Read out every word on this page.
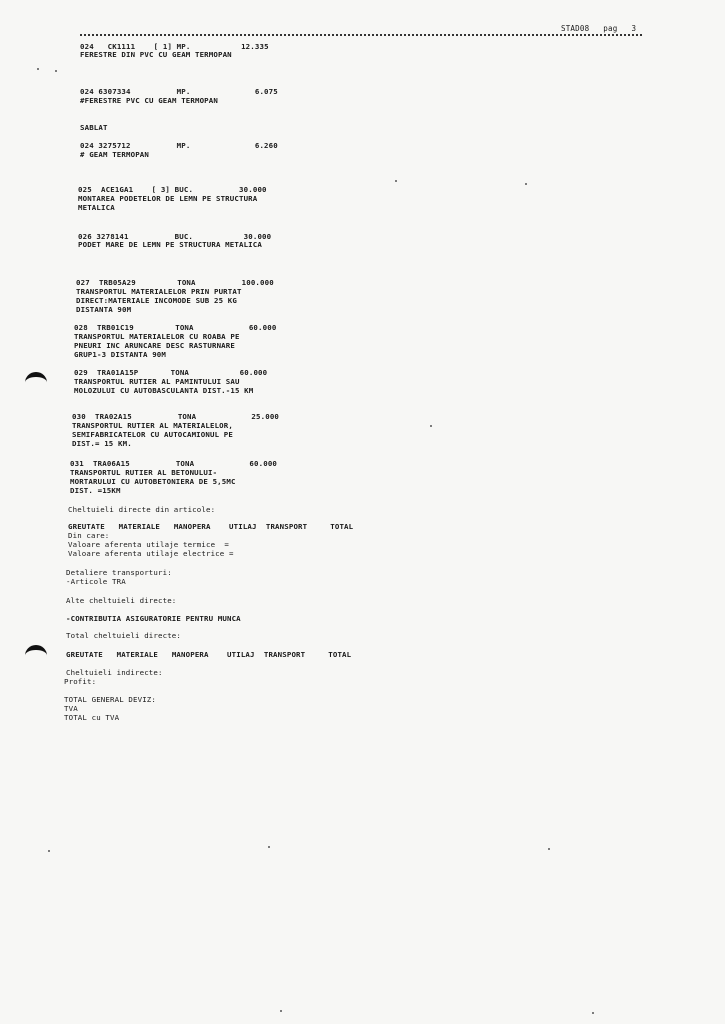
STAD08 pag 3
024 CK1111 [ 1] MP.	12.335
FERESTRE DIN PVC CU GEAM TERMOPAN
024 6307334	MP.	6.075
#FERESTRE PVC CU GEAM TERMOPAN
SABLAT
024 3275712	MP.	6.260
# GEAM TERMOPAN
025 ACE1GA1 [ 3] BUC.	30.000
MONTAREA PODETELOR DE LEMN PE STRUCTURA
METALICA
026 3278141	BUC.	30.000
PODET MARE DE LEMN PE STRUCTURA METALICA
027 TRB05A29	TONA	100.000
TRANSPORTUL MATERIALELOR PRIN PURTAT
DIRECT:MATERIALE INCOMODE SUB 25 KG
DISTANTA 90M
028 TRB01C19	TONA	60.000
TRANSPORTUL MATERIALELOR CU ROABA PE
PNEURI INC ARUNCARE DESC RASTURNARE
GRUP1-3 DISTANTA 90M
029 TRA01A15P	TONA	60.000
TRANSPORTUL RUTIER AL PAMINTULUI SAU
MOLOZULUI CU AUTOBASCULANTA DIST.-15 KM
030 TRA02A15	TONA	25.000
TRANSPORTUL RUTIER AL MATERIALELOR,
SEMIFABRICATELOR CU AUTOCAMIONUL PE
DIST.= 15 KM.
031 TRA06A15	TONA	60.000
TRANSPORTUL RUTIER AL BETONULUI-
MORTARULUI CU AUTOBETONIERA DE 5,5MC
DIST. =15KM
Cheltuieli directe din articole:
GREUTATE MATERIALE MANOPERA UTILAJ TRANSPORT	TOTAL
Din care:
Valoare aferenta utilaje termice  =
Valoare aferenta utilaje electrice =
Detaliere transporturi:
-Articole TRA
Alte cheltuieli directe:
-CONTRIBUTIA ASIGURATORIE PENTRU MUNCA
Total cheltuieli directe:
GREUTATE MATERIALE MANOPERA UTILAJ TRANSPORT	TOTAL
Cheltuieli indirecte:
Profit:
TOTAL GENERAL DEVIZ:
TVA
TOTAL cu TVA
